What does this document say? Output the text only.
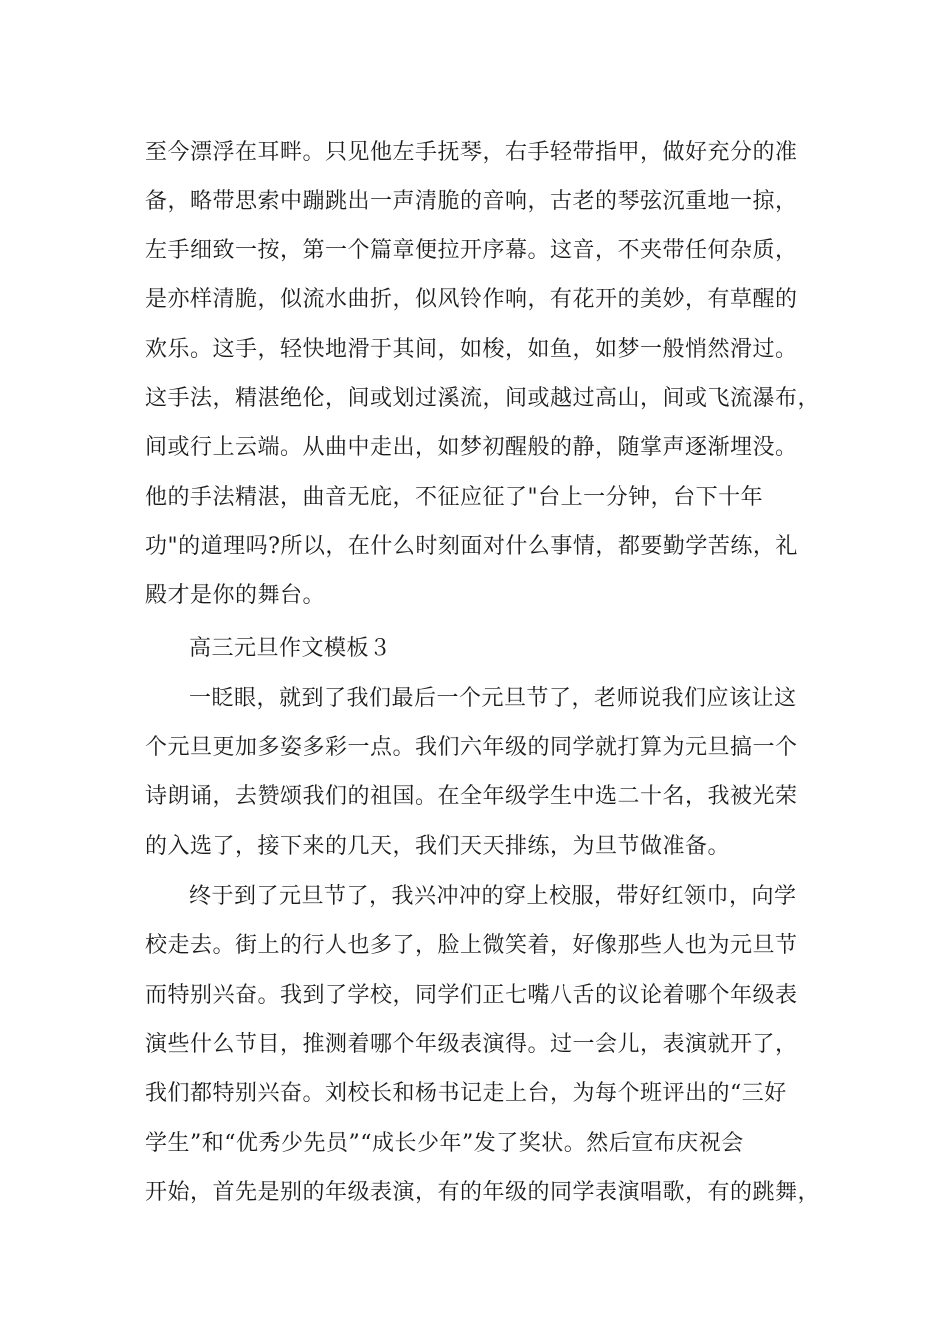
至今漂浮在耳畔。只见他左手抚琴，右手轻带指甲，做好充分的准
备，略带思索中蹦跳出一声清脆的音响，古老的琴弦沉重地一掠，
左手细致一按，第一个篇章便拉开序幕。这音，不夹带任何杂质，
是亦样清脆，似流水曲折，似风铃作响，有花开的美妙，有草醒的
欢乐。这手，轻快地滑于其间，如梭，如鱼，如梦一般悄然滑过。
这手法，精湛绝伦，间或划过溪流，间或越过高山，间或飞流瀑布，
间或行上云端。从曲中走出，如梦初醒般的静，随掌声逐渐埋没。
他的手法精湛，曲音无庇，不征应征了"台上一分钟，台下十年
功"的道理吗?所以，在什么时刻面对什么事情，都要勤学苦练，礼
殿才是你的舞台。
高三元旦作文模板３
一眨眼，就到了我们最后一个元旦节了，老师说我们应该让这
个元旦更加多姿多彩一点。我们六年级的同学就打算为元旦搞一个
诗朗诵，去赞颂我们的祖国。在全年级学生中选二十名，我被光荣
的入选了，接下来的几天，我们天天排练，为旦节做准备。
终于到了元旦节了，我兴冲冲的穿上校服，带好红领巾，向学
校走去。街上的行人也多了，脸上微笑着，好像那些人也为元旦节
而特别兴奋。我到了学校，同学们正七嘴八舌的议论着哪个年级表
演些什么节目，推测着哪个年级表演得。过一会儿，表演就开了，
我们都特别兴奋。刘校长和杨书记走上台，为每个班评出的“三好
学生”和“优秀少先员”“成长少年”发了奖状。然后宣布庆祝会
开始，首先是别的年级表演，有的年级的同学表演唱歌，有的跳舞，
